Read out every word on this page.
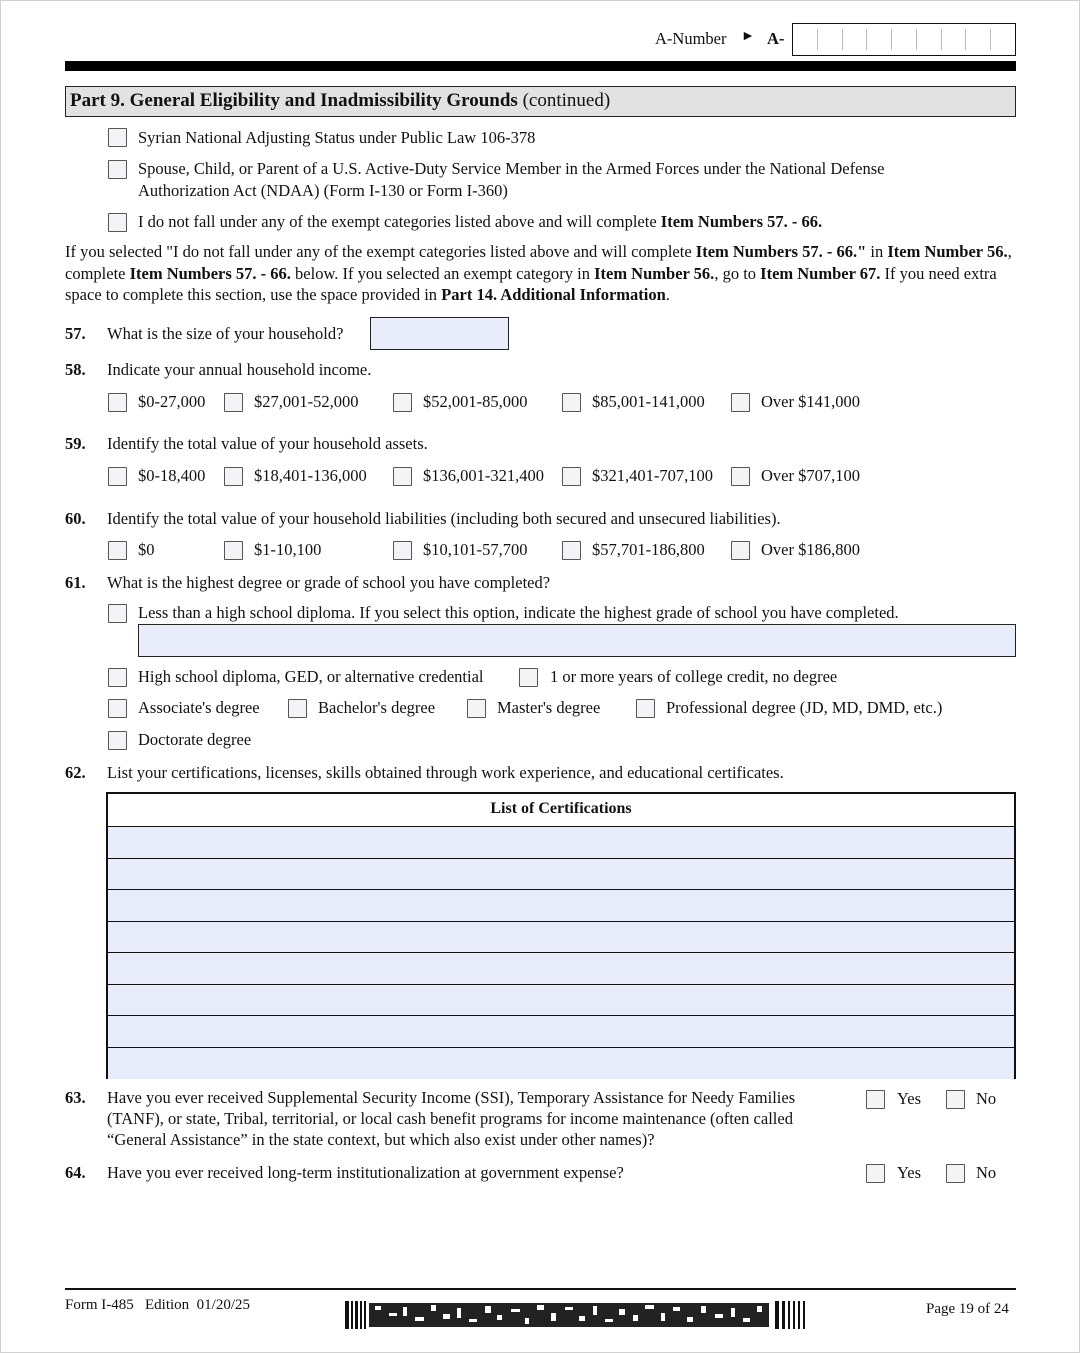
A-Number ► A-
Part 9. General Eligibility and Inadmissibility Grounds (continued)
Syrian National Adjusting Status under Public Law 106-378
Spouse, Child, or Parent of a U.S. Active-Duty Service Member in the Armed Forces under the National Defense
Authorization Act (NDAA) (Form I-130 or Form I-360)
I do not fall under any of the exempt categories listed above and will complete Item Numbers 57. - 66.
If you selected "I do not fall under any of the exempt categories listed above and will complete Item Numbers 57. - 66." in Item Number 56., complete Item Numbers 57. - 66. below. If you selected an exempt category in Item Number 56., go to Item Number 67. If you need extra space to complete this section, use the space provided in Part 14. Additional Information.
57. What is the size of your household?
58. Indicate your annual household income.
$0-27,000	$27,001-52,000	$52,001-85,000	$85,001-141,000	Over $141,000
59. Identify the total value of your household assets.
$0-18,400	$18,401-136,000	$136,001-321,400	$321,401-707,100	Over $707,100
60. Identify the total value of your household liabilities (including both secured and unsecured liabilities).
$0	$1-10,100	$10,101-57,700	$57,701-186,800	Over $186,800
61. What is the highest degree or grade of school you have completed?
Less than a high school diploma. If you select this option, indicate the highest grade of school you have completed.
High school diploma, GED, or alternative credential	1 or more years of college credit, no degree
Associate's degree	Bachelor's degree	Master's degree	Professional degree (JD, MD, DMD, etc.)
Doctorate degree
62. List your certifications, licenses, skills obtained through work experience, and educational certificates.
List of Certifications
63. Have you ever received Supplemental Security Income (SSI), Temporary Assistance for Needy Families
(TANF), or state, Tribal, territorial, or local cash benefit programs for income maintenance (often called
“General Assistance” in the state context, but which also exist under other names)?
Yes	No
64. Have you ever received long-term institutionalization at government expense?	Yes	No
Form I-485 Edition 01/20/25	Page 19 of 24
